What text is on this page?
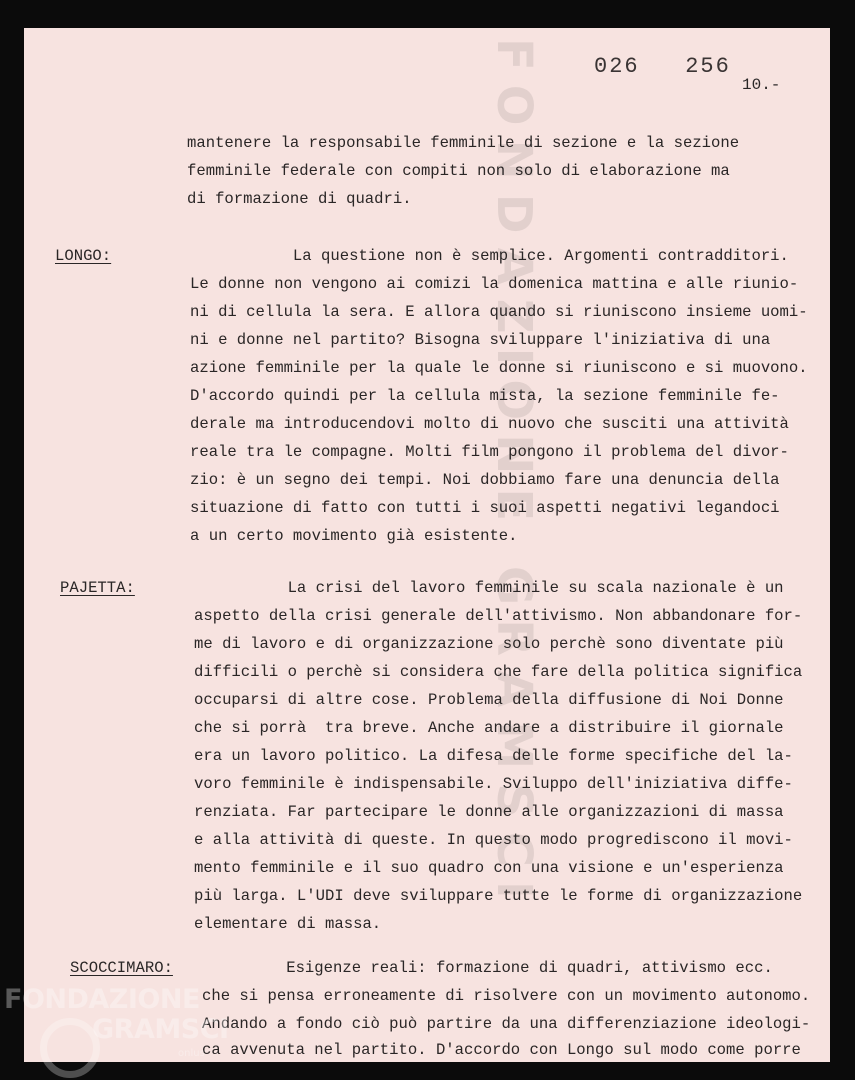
FONDAZIONE GRAMSCI 026   256
10.-
mantenere la responsabile femminile di sezione e la sezione
femminile federale con compiti non solo di elaborazione ma
di formazione di quadri.
LONGO:	La questione non è semplice. Argomenti contradditori.
Le donne non vengono ai comizi la domenica mattina e alle riunio-
ni di cellula la sera. E allora quando si riuniscono insieme uomi-
ni e donne nel partito? Bisogna sviluppare l'iniziativa di una
azione femminile per la quale le donne si riuniscono e si muovono.
D'accordo quindi per la cellula mista, la sezione femminile fe-
derale ma introducendovi molto di nuovo che susciti una attività
reale tra le compagne. Molti film pongono il problema del divor-
zio: è un segno dei tempi. Noi dobbiamo fare una denuncia della
situazione di fatto con tutti i suoi aspetti negativi legandoci
a un certo movimento già esistente.
PAJETTA:	La crisi del lavoro femminile su scala nazionale è un
aspetto della crisi generale dell'attivismo. Non abbandonare for-
me di lavoro e di organizzazione solo perchè sono diventate più
difficili o perchè si considera che fare della politica significa
occuparsi di altre cose. Problema della diffusione di Noi Donne
che si porrà  tra breve. Anche andare a distribuire il giornale
era un lavoro politico. La difesa delle forme specifiche del la-
voro femminile è indispensabile. Sviluppo dell'iniziativa diffe-
renziata. Far partecipare le donne alle organizzazioni di massa
e alla attività di queste. In questo modo progrediscono il movi-
mento femminile e il suo quadro con una visione e un'esperienza
più larga. L'UDI deve sviluppare tutte le forme di organizzazione
elementare di massa.
SCOCCIMARO: Esigenze reali: formazione di quadri, attivismo ecc.
che si pensa erroneamente di risolvere con un movimento autonomo.
Andando a fondo ciò può partire da una differenziazione ideologi-
ca avvenuta nel partito. D'accordo con Longo sul modo come porre
FONDAZIONE
GRAMSCI
onlus
